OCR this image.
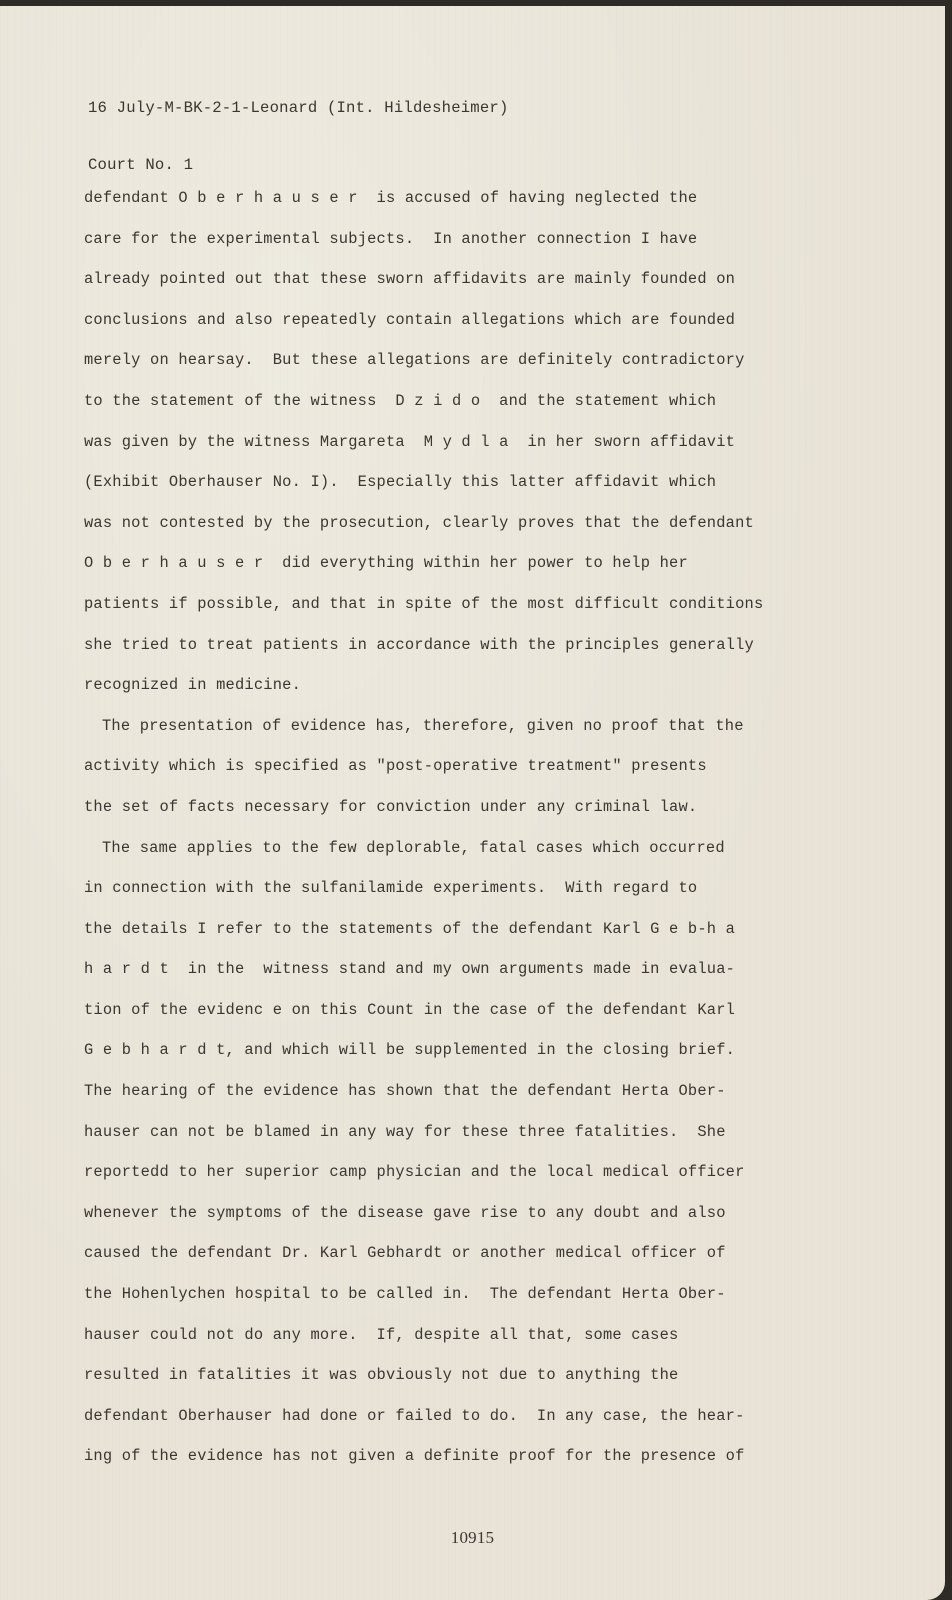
16 July-M-BK-2-1-Leonard (Int. Hildesheimer)

Court No. 1

defendant O b e r h a u s e r  is accused of having neglected the
care for the experimental subjects.  In another connection I have
already pointed out that these sworn affidavits are mainly founded on
conclusions and also repeatedly contain allegations which are founded
merely on hearsay.  But these allegations are definitely contradictory
to the statement of the witness  D z i d o  and the statement which
was given by the witness Margareta  M y d l a  in her sworn affidavit
(Exhibit Oberhauser No. I).  Especially this latter affidavit which
was not contested by the prosecution, clearly proves that the defendant
O b e r h a u s e r  did everything within her power to help her
patients if possible, and that in spite of the most difficult conditions
she tried to treat patients in accordance with the principles generally
recognized in medicine.
The presentation of evidence has, therefore, given no proof that the
activity which is specified as "post-operative treatment" presents
the set of facts necessary for conviction under any criminal law.
The same applies to the few deplorable, fatal cases which occurred
in connection with the sulfanilamide experiments.  With regard to
the details I refer to the statements of the defendant Karl G e b-h a
h a r d t  in the  witness stand and my own arguments made in evalua-
tion of the evidenc e on this Count in the case of the defendant Karl
G e b h a r d t, and which will be supplemented in the closing brief.
The hearing of the evidence has shown that the defendant Herta Ober-
hauser can not be blamed in any way for these three fatalities.  She
reportedd to her superior camp physician and the local medical officer
whenever the symptoms of the disease gave rise to any doubt and also
caused the defendant Dr. Karl Gebhardt or another medical officer of
the Hohenlychen hospital to be called in.  The defendant Herta Ober-
hauser could not do any more.  If, despite all that, some cases
resulted in fatalities it was obviously not due to anything the
defendant Oberhauser had done or failed to do.  In any case, the hear-
ing of the evidence has not given a definite proof for the presence of
10915
